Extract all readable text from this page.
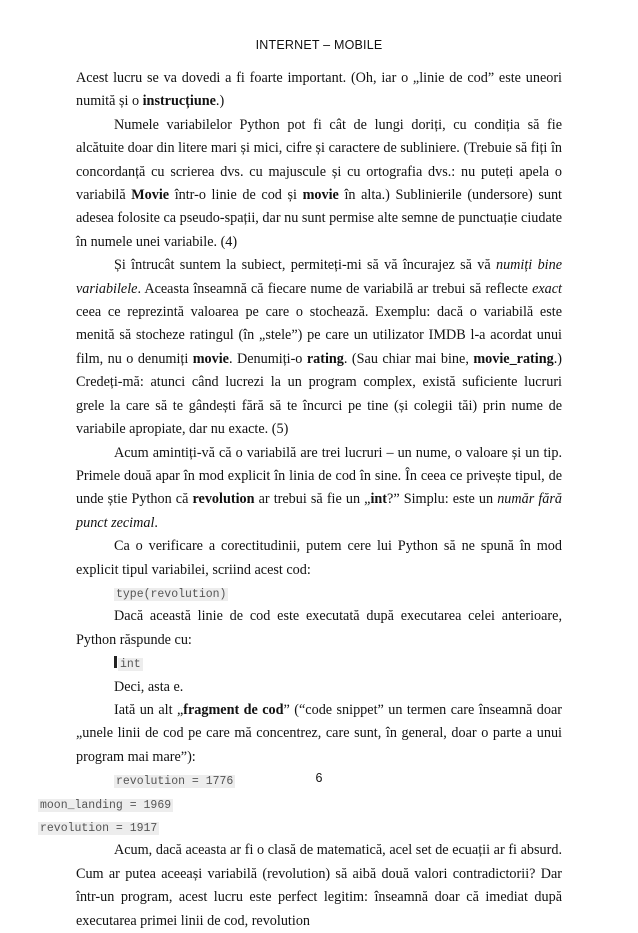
INTERNET – MOBILE

Acest lucru se va dovedi a fi foarte important. (Oh, iar o „linie de cod” este uneori numită și o instrucțiune.)

Numele variabilelor Python pot fi cât de lungi doriți, cu condiția să fie alcătuite doar din litere mari și mici, cifre și caractere de subliniere. (Trebuie să fiți în concordanță cu scrierea dvs. cu majuscule și cu ortografia dvs.: nu puteți apela o variabilă Movie într-o linie de cod și movie în alta.) Sublinierile (undersore) sunt adesea folosite ca pseudo-spații, dar nu sunt permise alte semne de punctuație ciudate în numele unei variabile. (4)

Și întrucât suntem la subiect, permiteți-mi să vă încurajez să vă numiți bine variabilele. Aceasta înseamnă că fiecare nume de variabilă ar trebui să reflecte exact ceea ce reprezintă valoarea pe care o stochează. Exemplu: dacă o variabilă este menită să stocheze ratingul (în „stele”) pe care un utilizator IMDB l-a acordat unui film, nu o denumiți movie. Denumiți-o rating. (Sau chiar mai bine, movie_rating.) Credeți-mă: atunci când lucrezi la un program complex, există suficiente lucruri grele la care să te gândești fără să te încurci pe tine (și colegii tăi) prin nume de variabile apropiate, dar nu exacte. (5)

Acum amintiți-vă că o variabilă are trei lucruri – un nume, o valoare și un tip. Primele două apar în mod explicit în linia de cod în sine. În ceea ce privește tipul, de unde știe Python că revolution ar trebui să fie un „int?” Simplu: este un număr fără punct zecimal.

Ca o verificare a corectitudinii, putem cere lui Python să ne spună în mod explicit tipul variabilei, scriind acest cod:

type(revolution)

Dacă această linie de cod este executată după executarea celei anterioare, Python răspunde cu:

int

Deci, asta e.

Iată un alt „fragment de cod” (“code snippet” un termen care înseamnă doar „unele linii de cod pe care mă concentrez, care sunt, în general, doar o parte a unui program mai mare”):

revolution = 1776

moon_landing = 1969

revolution = 1917

Acum, dacă aceasta ar fi o clasă de matematică, acel set de ecuații ar fi absurd. Cum ar putea aceeași variabilă (revolution) să aibă două valori contradictorii? Dar într-un program, acest lucru este perfect legitim: înseamnă doar că imediat după executarea primei linii de cod, revolution

6
